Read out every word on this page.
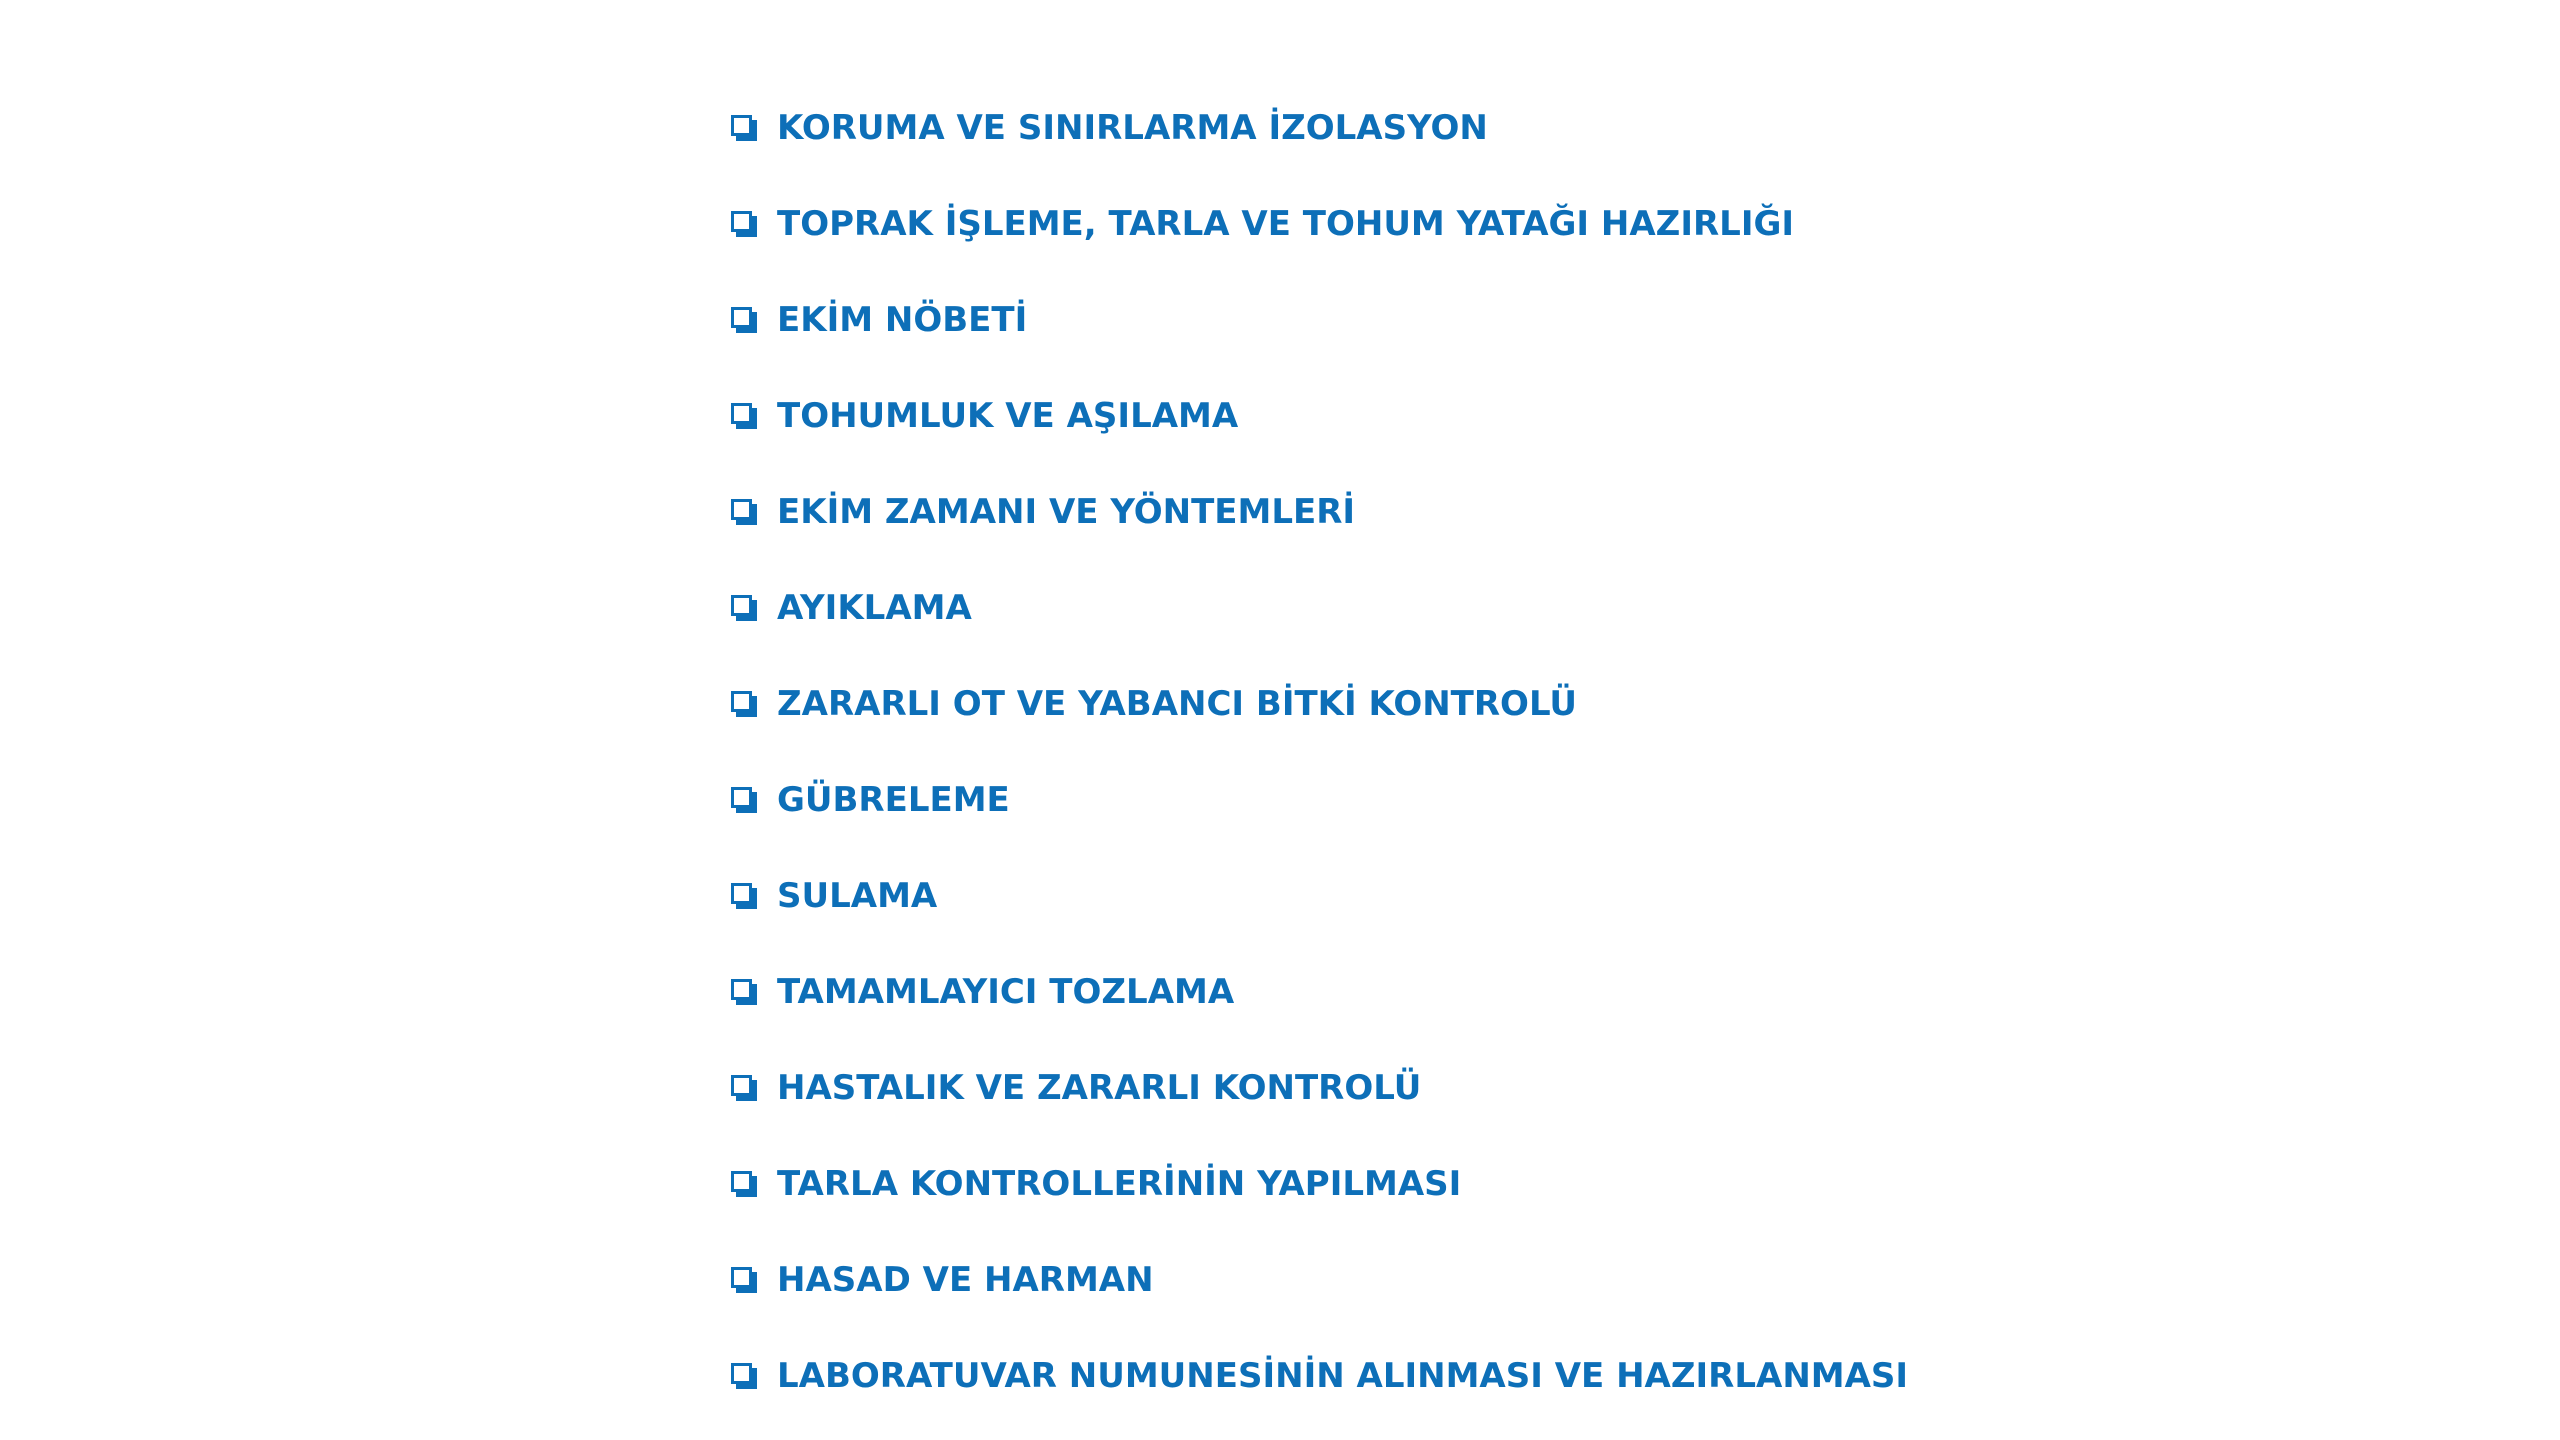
KORUMA VE SINIRLARMA İZOLASYON
TOPRAK İŞLEME, TARLA VE TOHUM YATAĞI HAZIRLIĞI
EKİM NÖBETİ
TOHUMLUK VE AŞILAMA
EKİM ZAMANI VE YÖNTEMLERİ
AYIKLAMA
ZARARLI OT VE YABANCI BİTKİ KONTROLÜ
GÜBRELEME
SULAMA
TAMAMLAYICI TOZLAMA
HASTALIK VE ZARARLI KONTROLÜ
TARLA KONTROLLERİNİN YAPILMASI
HASAD VE HARMAN
LABORATUVAR NUMUNESİNİN ALINMASI VE HAZIRLANMASI
